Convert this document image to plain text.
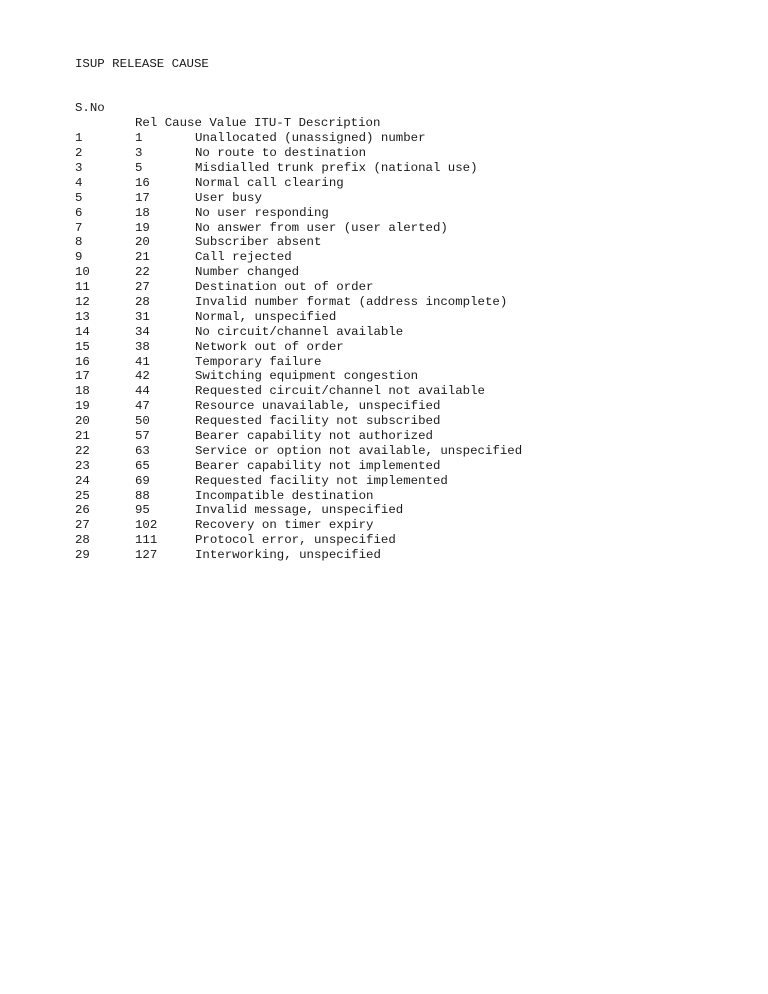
ISUP RELEASE CAUSE

S.No

Rel Cause Value ITU-T Description

1	1	Unallocated (unassigned) number
2	3	No route to destination
3	5	Misdialled trunk prefix (national use)
4	16	Normal call clearing
5	17	User busy
6	18	No user responding
7	19	No answer from user (user alerted)
8	20	Subscriber absent
9	21	Call rejected
10	22	Number changed
11	27	Destination out of order
12	28	Invalid number format (address incomplete)
13	31	Normal, unspecified
14	34	No circuit/channel available
15	38	Network out of order
16	41	Temporary failure
17	42	Switching equipment congestion
18	44	Requested circuit/channel not available
19	47	Resource unavailable, unspecified
20	50	Requested facility not subscribed
21	57	Bearer capability not authorized
22	63	Service or option not available, unspecified
23	65	Bearer capability not implemented
24	69	Requested facility not implemented
25	88	Incompatible destination
26	95	Invalid message, unspecified
27	102	Recovery on timer expiry
28	111	Protocol error, unspecified
29	127	Interworking, unspecified
